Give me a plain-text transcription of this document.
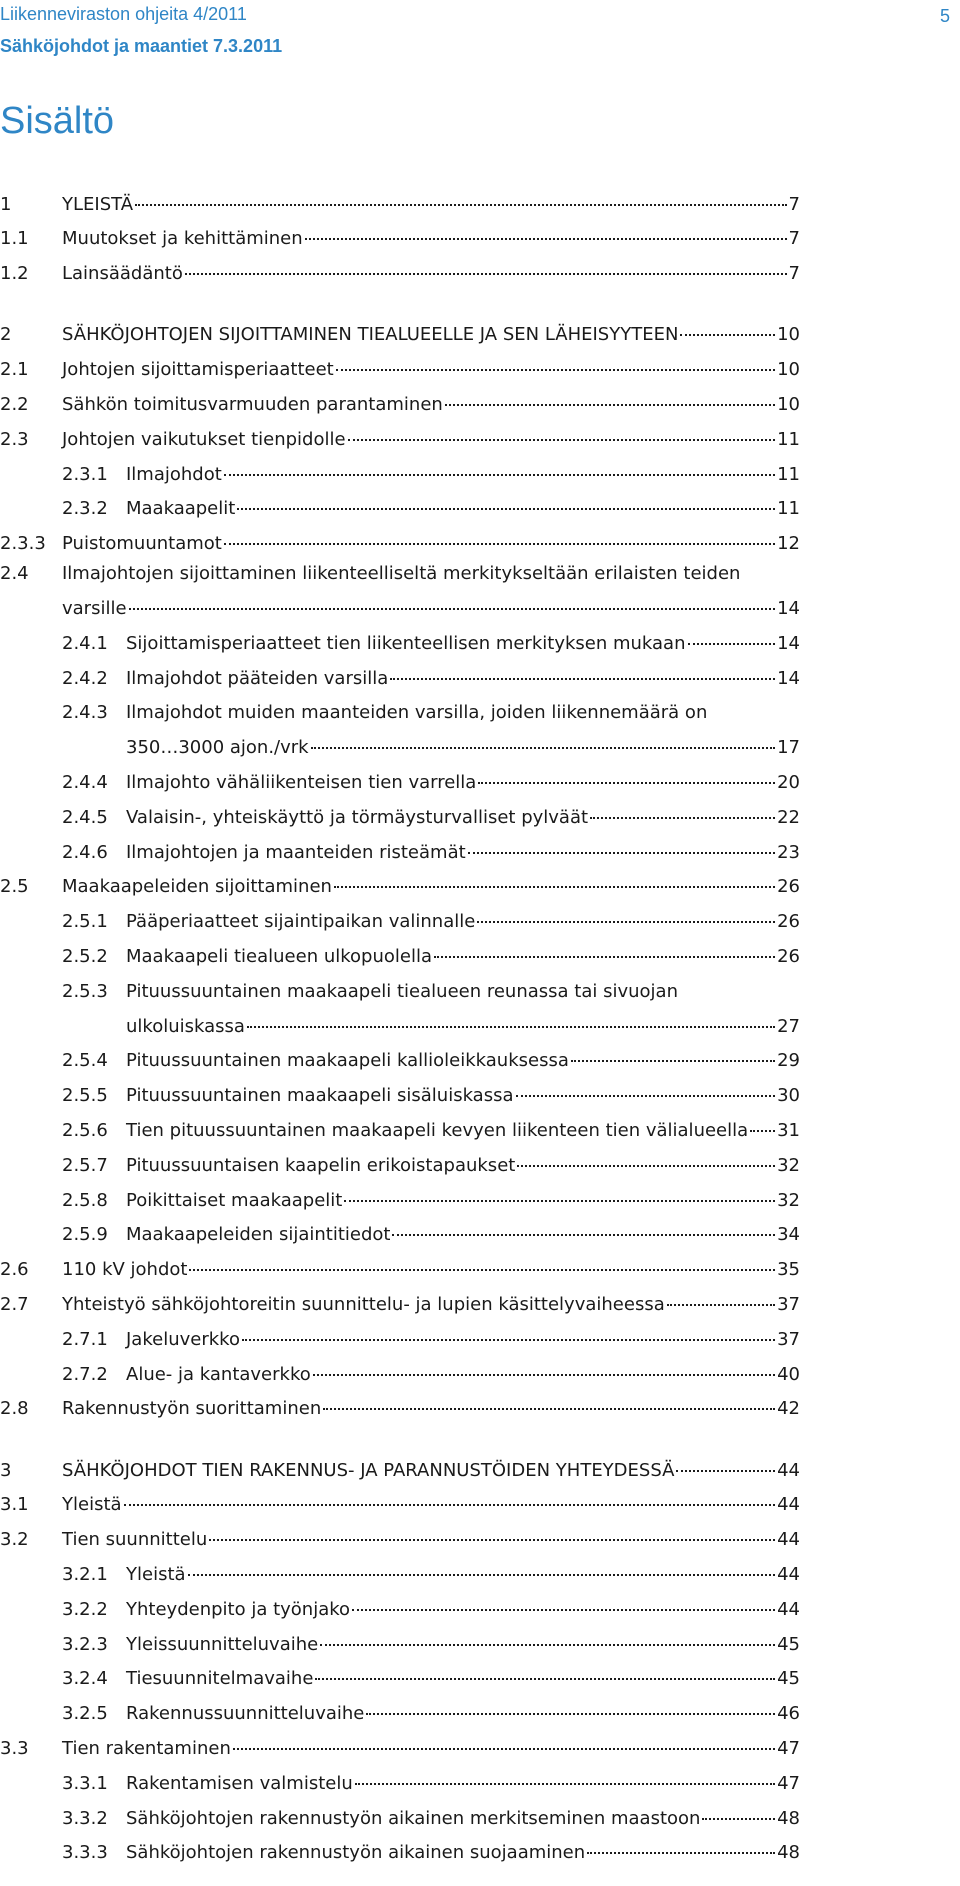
Liikenneviraston ohjeita 4/2011
Sähköjohdot ja maantiet 7.3.2011
5
Sisältö
1	YLEISTÄ	7
1.1 Muutokset ja kehittäminen	7
1.2 Lainsäädäntö	7
2	SÄHKÖJOHTOJEN SIJOITTAMINEN TIEALUEELLE JA SEN LÄHEISYYTEEN	10
2.1 Johtojen sijoittamisperiaatteet	10
2.2 Sähkön toimitusvarmuuden parantaminen	10
2.3 Johtojen vaikutukset tienpidolle	11
2.3.1 Ilmajohdot	11
2.3.2 Maakaapelit	11
2.3.3 Puistomuuntamot	12
2.4 Ilmajohtojen sijoittaminen liikenteelliseltä merkitykseltään erilaisten teiden
varsille	14
2.4.1 Sijoittamisperiaatteet tien liikenteellisen merkityksen mukaan	14
2.4.2 Ilmajohdot pääteiden varsilla	14
2.4.3 Ilmajohdot muiden maanteiden varsilla, joiden liikennemäärä on
350…3000 ajon./vrk	17
2.4.4 Ilmajohto vähäliikenteisen tien varrella	20
2.4.5 Valaisin-, yhteiskäyttö ja törmäysturvalliset pylväät	22
2.4.6 Ilmajohtojen ja maanteiden risteämät	23
2.5 Maakaapeleiden sijoittaminen	26
2.5.1 Pääperiaatteet sijaintipaikan valinnalle	26
2.5.2 Maakaapeli tiealueen ulkopuolella	26
2.5.3 Pituussuuntainen maakaapeli tiealueen reunassa tai sivuojan
ulkoluiskassa	27
2.5.4 Pituussuuntainen maakaapeli kallioleikkauksessa	29
2.5.5 Pituussuuntainen maakaapeli sisäluiskassa	30
2.5.6 Tien pituussuuntainen maakaapeli kevyen liikenteen tien välialueella 31
2.5.7 Pituussuuntaisen kaapelin erikoistapaukset	32
2.5.8 Poikittaiset maakaapelit	32
2.5.9 Maakaapeleiden sijaintitiedot	34
2.6 110 kV johdot	35
2.7 Yhteistyö sähköjohtoreitin suunnittelu- ja lupien käsittelyvaiheessa	37
2.7.1 Jakeluverkko	37
2.7.2 Alue- ja kantaverkko	40
2.8 Rakennustyön suorittaminen	42
3	SÄHKÖJOHDOT TIEN RAKENNUS- JA PARANNUSTÖIDEN YHTEYDESSÄ	44
3.1 Yleistä	44
3.2 Tien suunnittelu	44
3.2.1 Yleistä	44
3.2.2 Yhteydenpito ja työnjako	44
3.2.3 Yleissuunnitteluvaihe	45
3.2.4 Tiesuunnitelmavaihe	45
3.2.5 Rakennussuunnitteluvaihe	46
3.3 Tien rakentaminen	47
3.3.1 Rakentamisen valmistelu	47
3.3.2 Sähköjohtojen rakennustyön aikainen merkitseminen maastoon	48
3.3.3 Sähköjohtojen rakennustyön aikainen suojaaminen	48
